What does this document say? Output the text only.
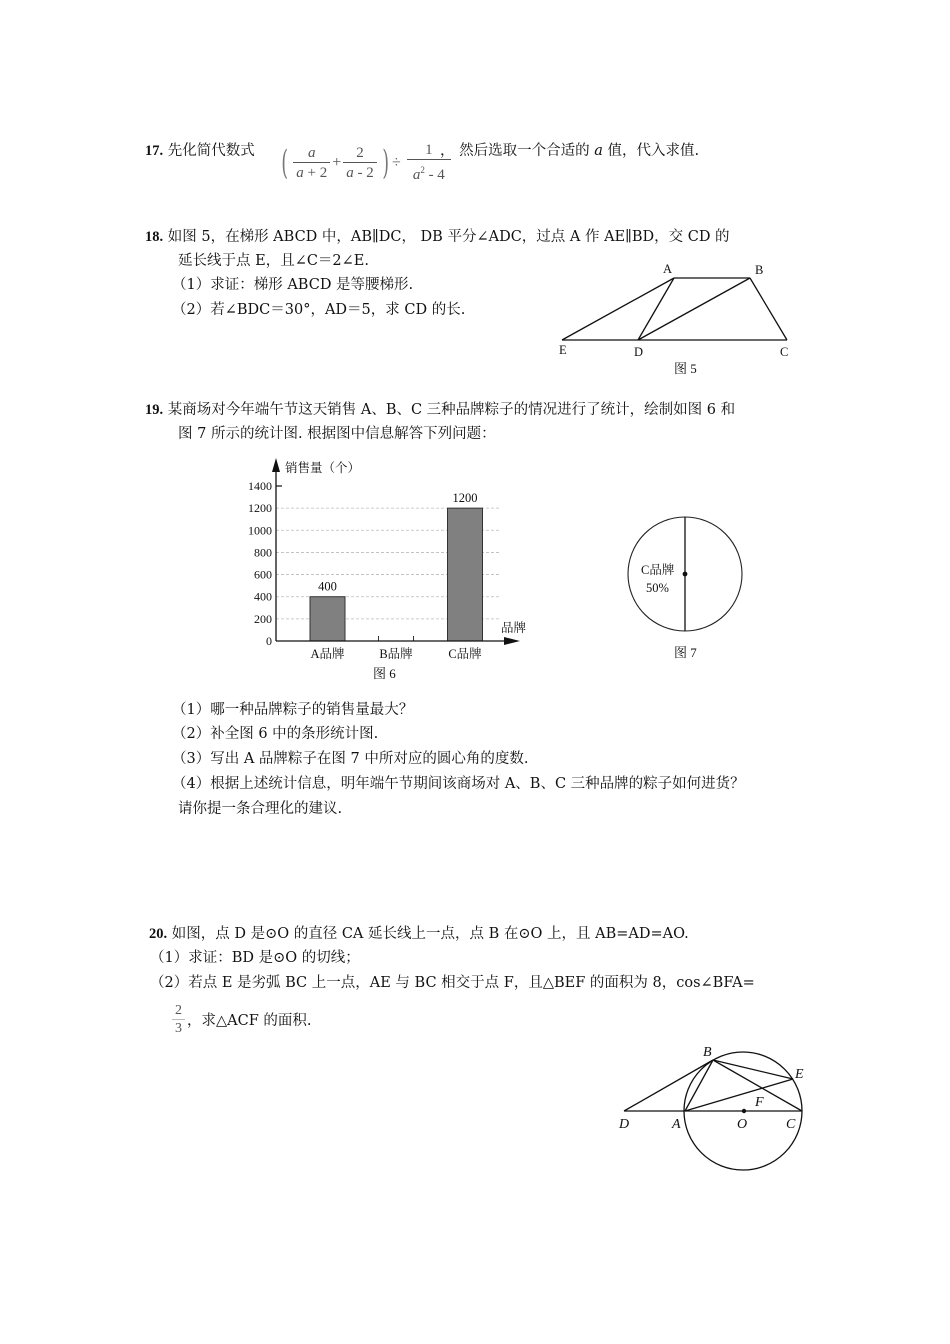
17. 先化简代数式 ( $\frac{a}{a + 2} + \frac{2}{a - 2}$ ) ÷ $\frac{1}{a^2 - 4}$
， 然后选取一个合适的 a 值，代入求值.
18. 如图 5，在梯形 ABCD 中，AB∥DC， DB 平分∠ADC，过点 A 作 AE∥BD，交 CD 的
延长线于点 E，且∠C＝2∠E.
（1）求证：梯形 ABCD 是等腰梯形.
（2）若∠BDC＝30°，AD＝5，求 CD 的长.
A	B
E	D	C
图 5
19. 某商场对今年端午节这天销售 A、B、C 三种品牌粽子的情况进行了统计，绘制如图 6 和
图 7 所示的统计图. 根据图中信息解答下列问题：
400
1200
0
200
400
600
800
1000
1200
1400
A品牌	B品牌	C品牌
销售量（个）
品牌
图 6
C品牌
50%
图 7
（1）哪一种品牌粽子的销售量最大？
（2）补全图 6 中的条形统计图.
（3）写出 A 品牌粽子在图 7 中所对应的圆心角的度数.
（4）根据上述统计信息，明年端午节期间该商场对 A、B、C 三种品牌的粽子如何进货？
请你提一条合理化的建议.
20. 如图，点 D 是⊙O 的直径 CA 延长线上一点，点 B 在⊙O 上，且 AB=AD=AO.
（1）求证：BD 是⊙O 的切线；
（2）若点 E 是劣弧 BC 上一点，AE 与 BC 相交于点 F，且△BEF 的面积为 8，cos∠BFA=
$\frac{2}{3}$ ，求△ACF 的面积.
B
E
F
D	A	O	C
